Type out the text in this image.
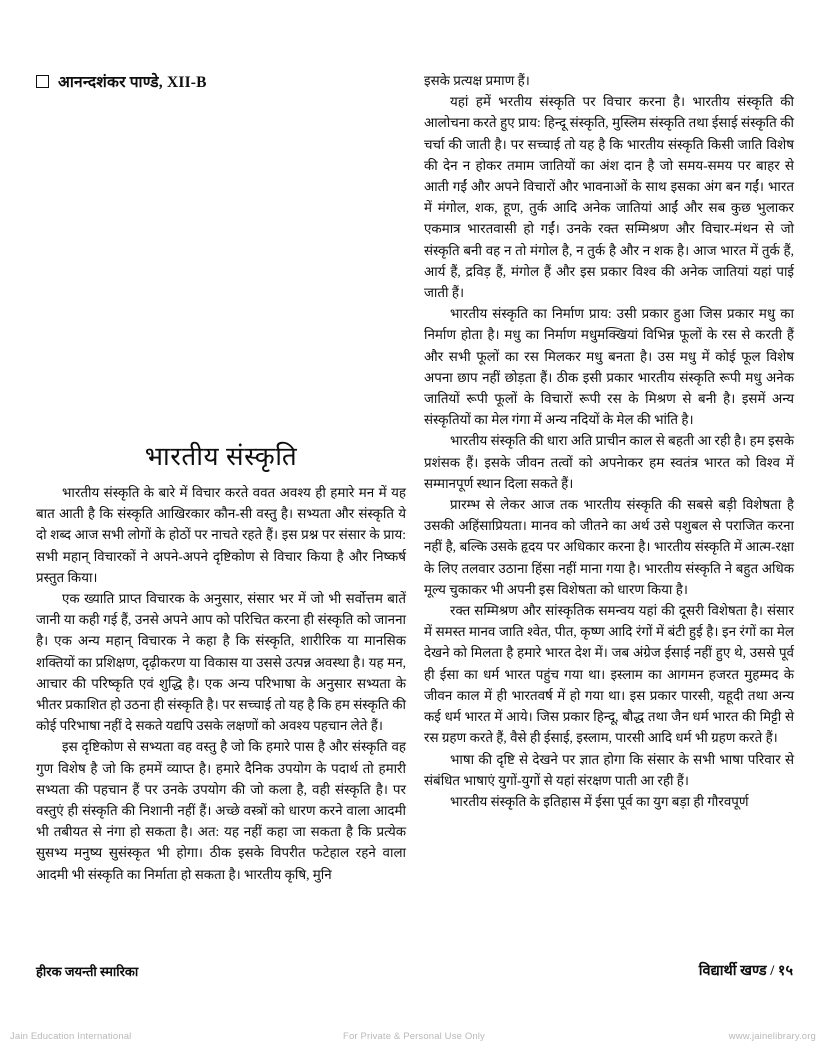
आनन्दशंकर पाण्डे, XII-B	इसके प्रत्यक्ष प्रमाण हैं।

यहां हमें भरतीय संस्कृति पर विचार करना है। भारतीय संस्कृति की आलोचना करते हुए प्राय: हिन्दू संस्कृति, मुस्लिम संस्कृति तथा ईसाई संस्कृति की चर्चा की जाती है। पर सच्चाई तो यह है कि भारतीय संस्कृति किसी जाति विशेष की देन न होकर तमाम जातियों का अंश दान है जो समय-समय पर बाहर से आती गईं और अपने विचारों और भावनाओं के साथ इसका अंग बन गईं। भारत में मंगोल, शक, हूण, तुर्क आदि अनेक जातियां आईं और सब कुछ भुलाकर एकमात्र भारतवासी हो गईं। उनके रक्त सम्मिश्रण और विचार-मंथन से जो संस्कृति बनी वह न तो मंगोल है, न तुर्क है और न शक है। आज भारत में तुर्क हैं, आर्य हैं, द्रविड़ हैं, मंगोल हैं और इस प्रकार विश्व की अनेक जातियां यहां पाई जाती हैं।

भारतीय संस्कृति का निर्माण प्राय: उसी प्रकार हुआ जिस प्रकार मधु का निर्माण होता है। मधु का निर्माण मधुमक्खियां विभिन्न फूलों के रस से करती हैं और सभी फूलों का रस मिलकर मधु बनता है। उस मधु में कोई फूल विशेष अपना छाप नहीं छोड़ता हैं। ठीक इसी प्रकार भारतीय संस्कृति रूपी मधु अनेक जातियों रूपी फूलों के विचारों रूपी रस के मिश्रण से बनी है। इसमें अन्य संस्कृतियों का मेल गंगा में अन्य नदियों के मेल की भांति है।

भारतीय संस्कृति की धारा अति प्राचीन काल से बहती आ रही है। हम इसके प्रशंसक हैं। इसके जीवन तत्वों को अपनेाकर हम स्वतंत्र भारत को विश्व में सम्मानपूर्ण स्थान दिला सकते हैं।

प्रारम्भ से लेकर आज तक भारतीय संस्कृति की सबसे बड़ी विशेषता है उसकी अहिंसाप्रियता। मानव को जीतने का अर्थ उसे पशुबल से पराजित करना नहीं है, बल्कि उसके हृदय पर अधिकार करना है। भारतीय संस्कृति में आत्म-रक्षा के लिए तलवार उठाना हिंसा नहीं माना गया है। भारतीय संस्कृति ने बहुत अधिक मूल्य चुकाकर भी अपनी इस विशेषता को धारण किया है।

रक्त सम्मिश्रण और सांस्कृतिक समन्वय यहां की दूसरी विशेषता है। संसार में समस्त मानव जाति श्वेत, पीत, कृष्ण आदि रंगों में बंटी हुई है। इन रंगों का मेल देखने को मिलता है हमारे भारत देश में। जब अंग्रेज ईसाई नहीं हुए थे, उससे पूर्व ही ईसा का धर्म भारत पहुंच गया था। इस्लाम का आगमन हजरत मुहम्मद के जीवन काल में ही भारतवर्ष में हो गया था। इस प्रकार पारसी, यहूदी तथा अन्य कई धर्म भारत में आये। जिस प्रकार हिन्दू, बौद्ध तथा जैन धर्म भारत की मिट्टी से रस ग्रहण करते हैं, वैसे ही ईसाई, इस्लाम, पारसी आदि धर्म भी ग्रहण करते हैं।

भाषा की दृष्टि से देखने पर ज्ञात होगा कि संसार के सभी भाषा परिवार से संबंधित भाषाएं युगों-युगों से यहां संरक्षण पाती आ रही हैं।

भारतीय संस्कृति के इतिहास में ईसा पूर्व का युग बड़ा ही गौरवपूर्ण

भारतीय संस्कृति

भारतीय संस्कृति के बारे में विचार करते ववत अवश्य ही हमारे मन में यह बात आती है कि संस्कृति आखिरकार कौन-सी वस्तु है। सभ्यता और संस्कृति ये दो शब्द आज सभी लोगों के होठों पर नाचते रहते हैं। इस प्रश्न पर संसार के प्राय: सभी महान् विचारकों ने अपने-अपने दृष्टिकोण से विचार किया है और निष्कर्ष प्रस्तुत किया।

एक ख्याति प्राप्त विचारक के अनुसार, संसार भर में जो भी सर्वोत्तम बातें जानी या कही गई हैं, उनसे अपने आप को परिचित करना ही संस्कृति को जानना है। एक अन्य महान् विचारक ने कहा है कि संस्कृति, शारीरिक या मानसिक शक्तियों का प्रशिक्षण, दृढ़ीकरण या विकास या उससे उत्पन्न अवस्था है। यह मन, आचार की परिष्कृति एवं शुद्धि है। एक अन्य परिभाषा के अनुसार सभ्यता के भीतर प्रकाशित हो उठना ही संस्कृति है। पर सच्चाई तो यह है कि हम संस्कृति की कोई परिभाषा नहीं दे सकते यद्यपि उसके लक्षणों को अवश्य पहचान लेते हैं।

इस दृष्टिकोण से सभ्यता वह वस्तु है जो कि हमारे पास है और संस्कृति वह गुण विशेष है जो कि हममें व्याप्त है। हमारे दैनिक उपयोग के पदार्थ तो हमारी सभ्यता की पहचान हैं पर उनके उपयोग की जो कला है, वही संस्कृति है। पर वस्तुएं ही संस्कृति की निशानी नहीं हैं। अच्छे वस्त्रों को धारण करने वाला आदमी भी तबीयत से नंगा हो सकता है। अत: यह नहीं कहा जा सकता है कि प्रत्येक सुसभ्य मनुष्य सुसंस्कृत भी होगा। ठीक इसके विपरीत फटेहाल रहने वाला आदमी भी संस्कृति का निर्माता हो सकता है। भारतीय कृषि, मुनि

हीरक जयन्ती स्मारिका	विद्यार्थी खण्ड / १५
Jain Education International	For Private & Personal Use Only	www.jainelibrary.org
